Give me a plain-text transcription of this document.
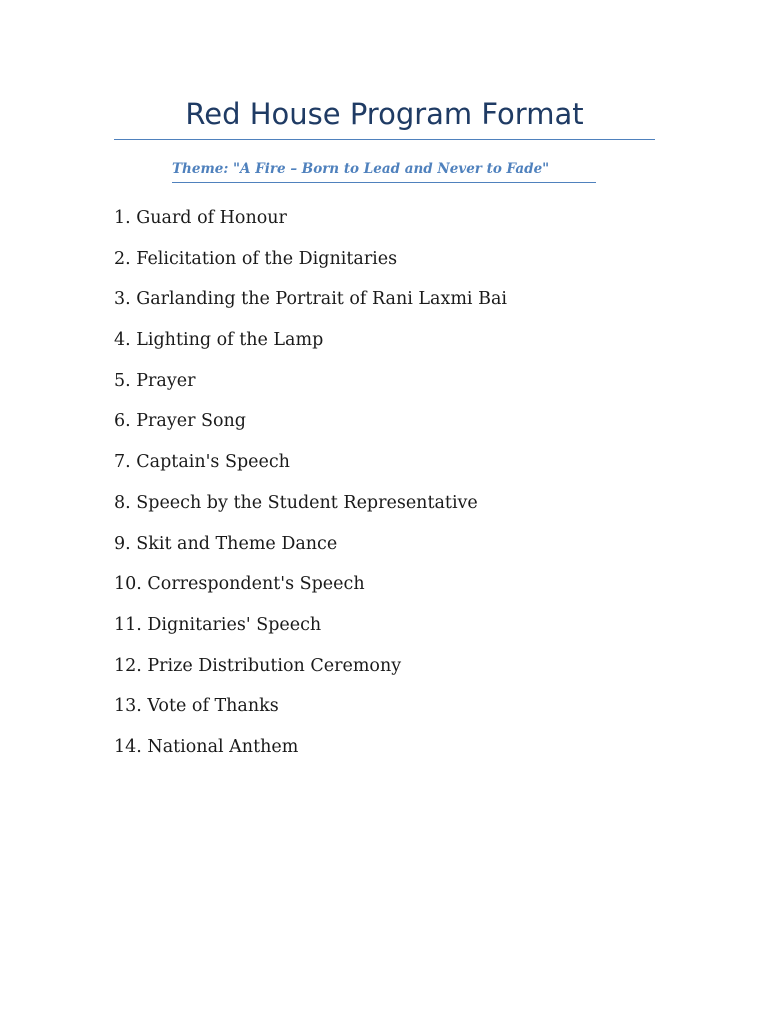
Red House Program Format
Theme: "A Fire – Born to Lead and Never to Fade"
1. Guard of Honour
2. Felicitation of the Dignitaries
3. Garlanding the Portrait of Rani Laxmi Bai
4. Lighting of the Lamp
5. Prayer
6. Prayer Song
7. Captain's Speech
8. Speech by the Student Representative
9. Skit and Theme Dance
10. Correspondent's Speech
11. Dignitaries' Speech
12. Prize Distribution Ceremony
13. Vote of Thanks
14. National Anthem
